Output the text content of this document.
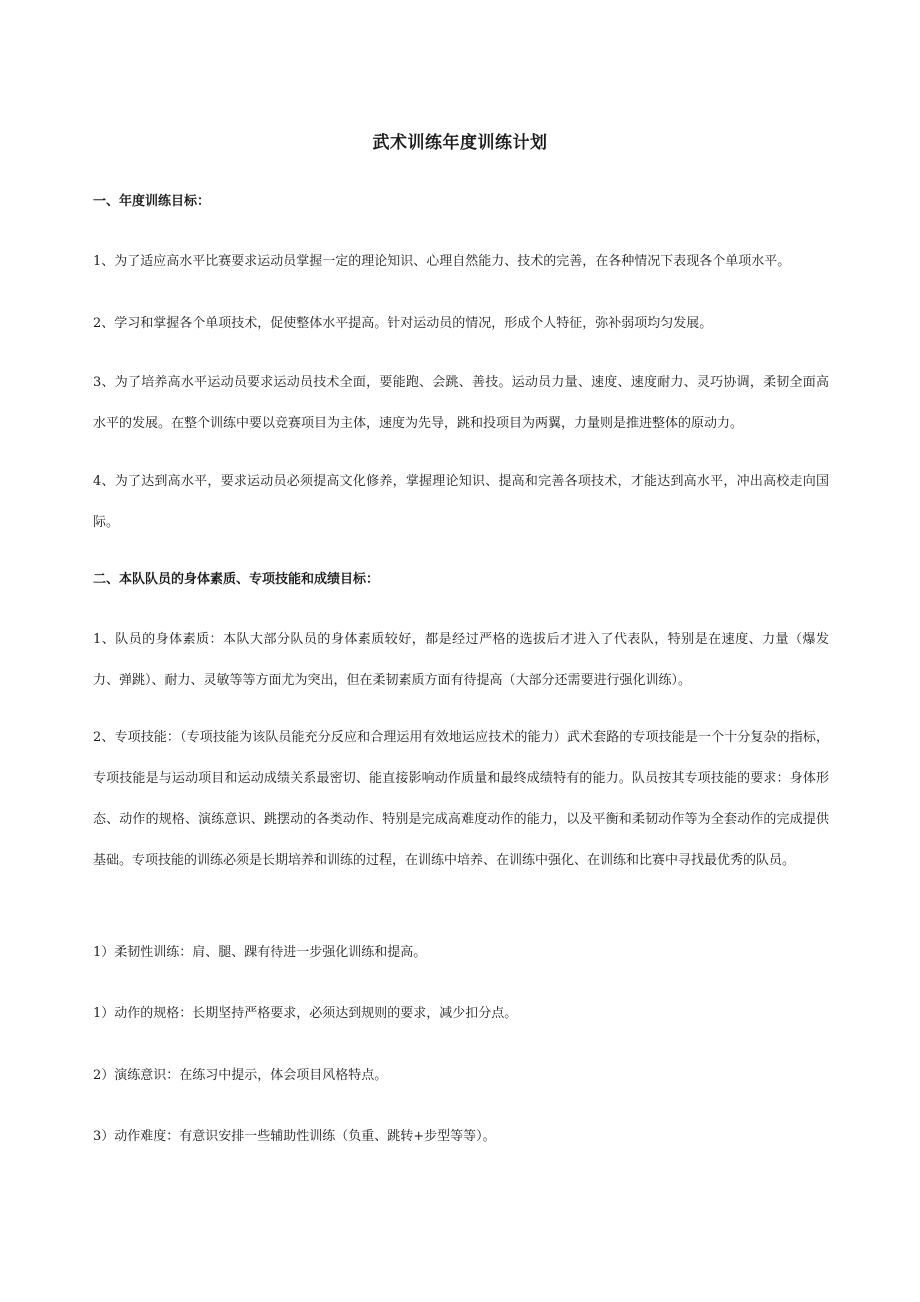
武术训练年度训练计划
一、年度训练目标：
1、为了适应高水平比赛要求运动员掌握一定的理论知识、心理自然能力、技术的完善，在各种情况下表现各个单项水平。
2、学习和掌握各个单项技术，促使整体水平提高。针对运动员的情况，形成个人特征，弥补弱项均匀发展。
3、为了培养高水平运动员要求运动员技术全面，要能跑、会跳、善技。运动员力量、速度、速度耐力、灵巧协调，柔韧全面高水平的发展。在整个训练中要以竞赛项目为主体，速度为先导，跳和投项目为两翼，力量则是推进整体的原动力。
4、为了达到高水平，要求运动员必须提高文化修养，掌握理论知识、提高和完善各项技术，才能达到高水平，冲出高校走向国际。
二、本队队员的身体素质、专项技能和成绩目标：
1、队员的身体素质：本队大部分队员的身体素质较好，都是经过严格的选拔后才进入了代表队，特别是在速度、力量（爆发力、弹跳）、耐力、灵敏等等方面尤为突出，但在柔韧素质方面有待提高（大部分还需要进行强化训练）。
2、专项技能：（专项技能为该队员能充分反应和合理运用有效地运应技术的能力）武术套路的专项技能是一个十分复杂的指标，专项技能是与运动项目和运动成绩关系最密切、能直接影响动作质量和最终成绩特有的能力。队员按其专项技能的要求：身体形态、动作的规格、演练意识、跳摆动的各类动作、特别是完成高难度动作的能力，以及平衡和柔韧动作等为全套动作的完成提供基础。专项技能的训练必须是长期培养和训练的过程，在训练中培养、在训练中强化、在训练和比赛中寻找最优秀的队员。
1）柔韧性训练：肩、腿、踝有待进一步强化训练和提高。
1）动作的规格：长期坚持严格要求，必须达到规则的要求，减少扣分点。
2）演练意识：在练习中提示，体会项目风格特点。
3）动作难度：有意识安排一些辅助性训练（负重、跳转+步型等等）。
